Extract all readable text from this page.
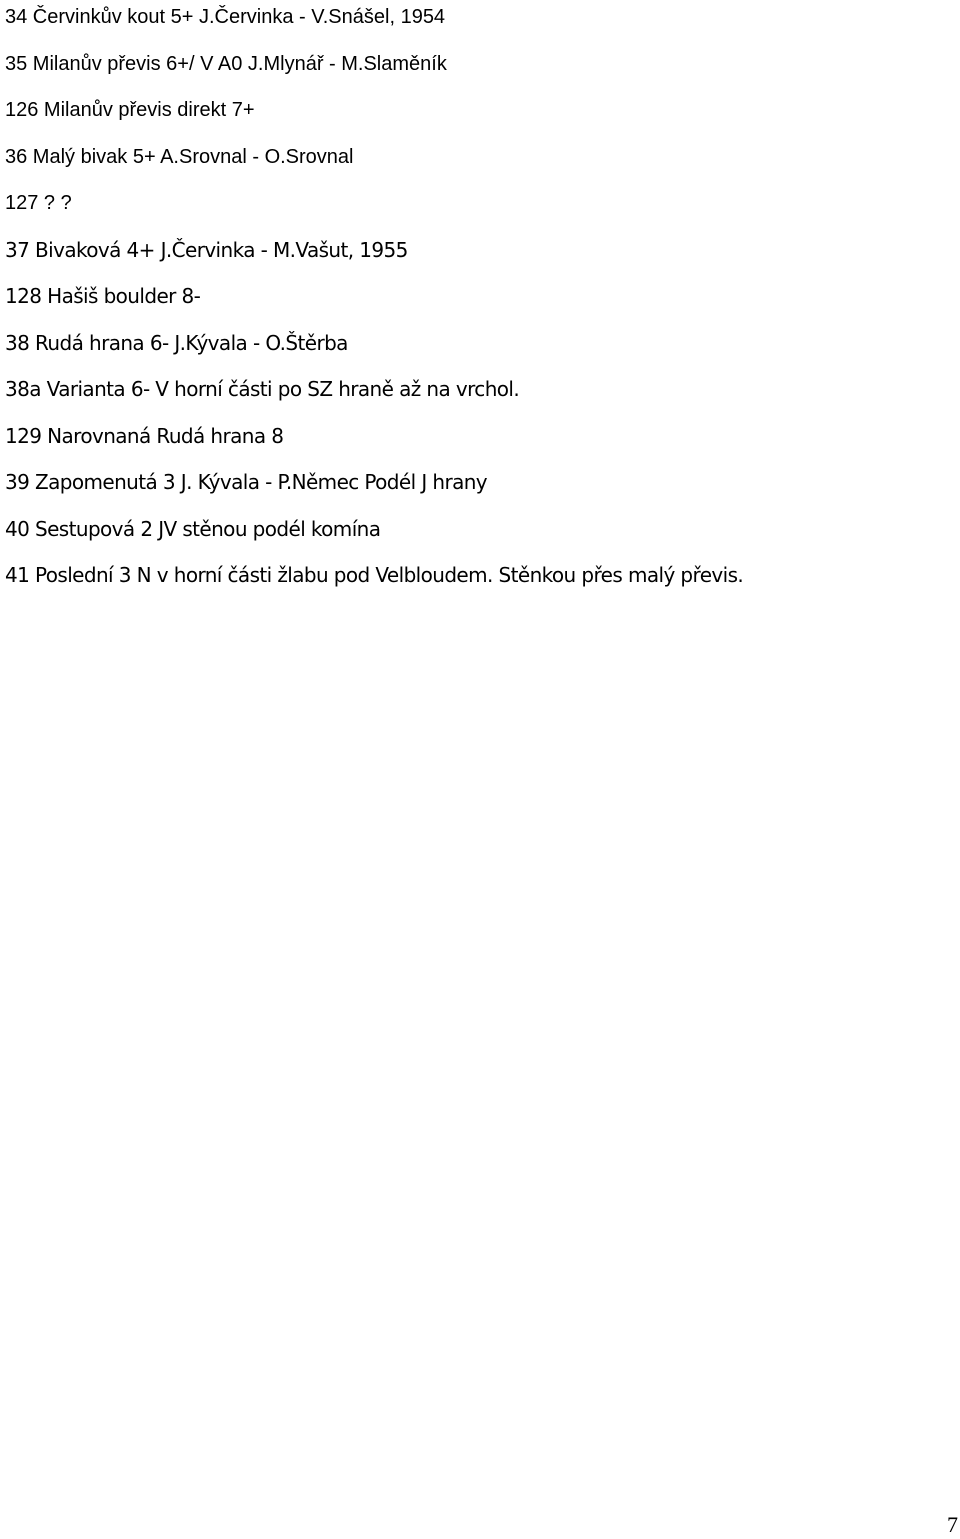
34 Červinkův kout 5+ J.Červinka - V.Snášel, 1954
35 Milanův převis 6+/ V A0 J.Mlynář - M.Slaměník
126 Milanův převis direkt 7+
36 Malý bivak 5+ A.Srovnal - O.Srovnal
127 ? ?
37 Bivaková 4+ J.Červinka - M.Vašut, 1955
128 Hašiš boulder 8-
38 Rudá hrana 6- J.Kývala - O.Štěrba
38a Varianta 6- V horní části po SZ hraně až na vrchol.
129 Narovnaná Rudá hrana 8
39 Zapomenutá 3 J. Kývala - P.Němec Podél J hrany
40 Sestupová 2 JV stěnou podél komína
41 Poslední 3 N v horní části žlabu pod Velbloudem. Stěnkou přes malý převis.
7
